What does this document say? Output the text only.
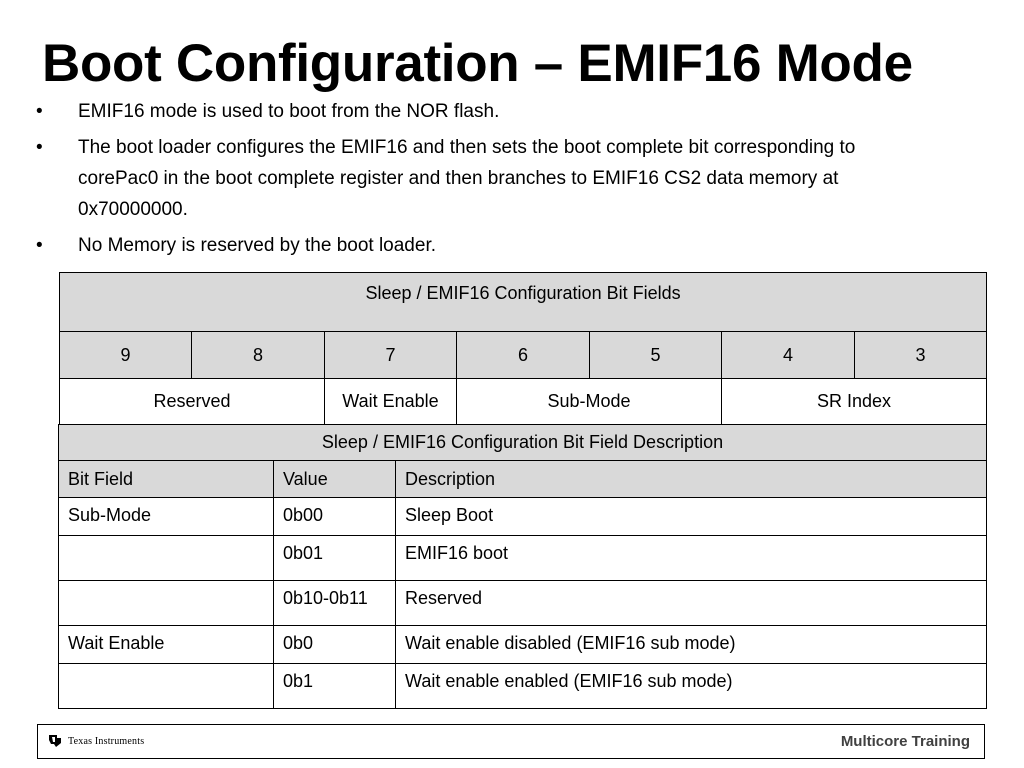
Boot Configuration – EMIF16 Mode
• EMIF16 mode is used to boot from the NOR flash.
• The boot loader configures the EMIF16 and then sets the boot complete bit corresponding to corePac0 in the boot complete register and then branches to EMIF16 CS2 data memory at 0x70000000.
• No Memory is reserved by the boot loader.
Sleep / EMIF16 Configuration Bit Fields						
9	8	7	6	5	4	3
Reserved		Wait Enable	Sub-Mode		SR Index	
Sleep / EMIF16 Configuration Bit Field Description		
Bit Field	Value	Description
Sub-Mode	0b00	Sleep Boot
	0b01	EMIF16 boot
	0b10-0b11	Reserved
Wait Enable	0b0	Wait enable disabled (EMIF16 sub mode)
	0b1	Wait enable enabled (EMIF16 sub mode)
Texas Instruments	Multicore Training
